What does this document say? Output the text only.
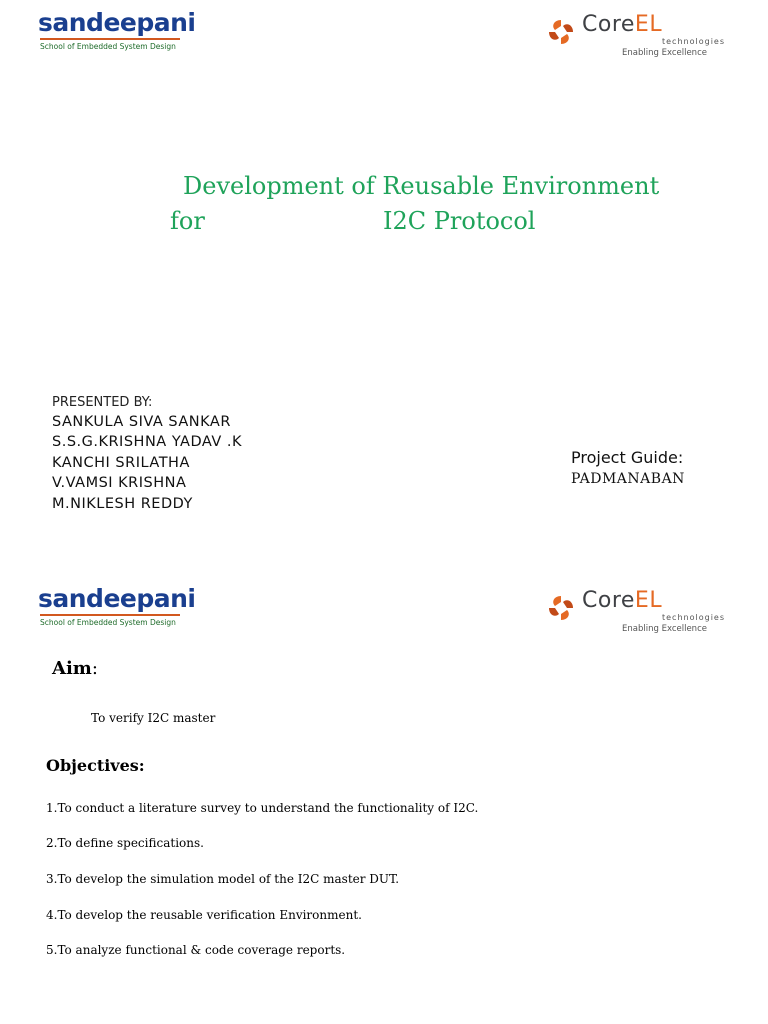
sandeepani
School of Embedded System Design
CoreEL
technologies
Enabling Excellence
Development of Reusable Environment
for	I2C Protocol
PRESENTED BY:
SANKULA SIVA SANKAR
S.S.G.KRISHNA YADAV .K
KANCHI SRILATHA
V.VAMSI KRISHNA
M.NIKLESH REDDY
Project Guide:
PADMANABAN
sandeepani
School of Embedded System Design
CoreEL
technologies
Enabling Excellence
Aim:
To verify I2C master
Objectives:
1.To conduct a literature survey to understand the functionality of I2C.
2.To define specifications.
3.To develop the simulation model of the I2C master DUT.
4.To develop the reusable verification Environment.
5.To analyze functional & code coverage reports.
